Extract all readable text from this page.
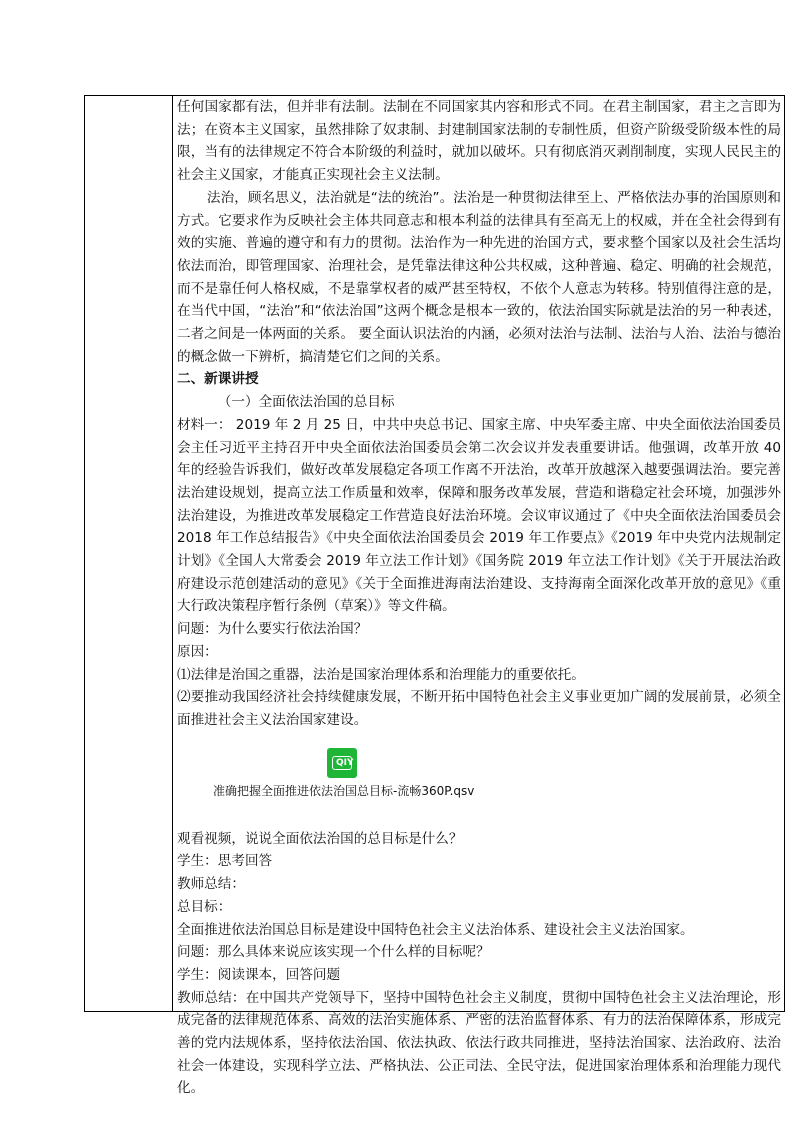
任何国家都有法，但并非有法制。法制在不同国家其内容和形式不同。在君主制国家，君主之言即为法；在资本主义国家，虽然排除了奴隶制、封建制国家法制的专制性质，但资产阶级受阶级本性的局限，当有的法律规定不符合本阶级的利益时，就加以破坏。只有彻底消灭剥削制度，实现人民民主的社会主义国家，才能真正实现社会主义法制。

法治，顾名思义，法治就是“法的统治”。法治是一种贯彻法律至上、严格依法办事的治国原则和方式。它要求作为反映社会主体共同意志和根本利益的法律具有至高无上的权威，并在全社会得到有效的实施、普遍的遵守和有力的贯彻。法治作为一种先进的治国方式，要求整个国家以及社会生活均依法而治，即管理国家、治理社会，是凭靠法律这种公共权威，这种普遍、稳定、明确的社会规范，而不是靠任何人格权威，不是靠掌权者的威严甚至特权，不依个人意志为转移。特别值得注意的是，在当代中国，“法治”和“依法治国”这两个概念是根本一致的，依法治国实际就是法治的另一种表述，二者之间是一体两面的关系。 要全面认识法治的内涵，必须对法治与法制、法治与人治、法治与德治的概念做一下辨析，搞清楚它们之间的关系。

二、新课讲授

（一）全面依法治国的总目标

材料一： 2019 年 2 月 25 日，中共中央总书记、国家主席、中央军委主席、中央全面依法治国委员会主任习近平主持召开中央全面依法治国委员会第二次会议并发表重要讲话。他强调，改革开放 40 年的经验告诉我们，做好改革发展稳定各项工作离不开法治，改革开放越深入越要强调法治。要完善法治建设规划，提高立法工作质量和效率，保障和服务改革发展，营造和谐稳定社会环境，加强涉外法治建设，为推进改革发展稳定工作营造良好法治环境。会议审议通过了《中央全面依法治国委员会 2018 年工作总结报告》《中央全面依法治国委员会 2019 年工作要点》《2019 年中央党内法规制定计划》《全国人大常委会 2019 年立法工作计划》《国务院 2019 年立法工作计划》《关于开展法治政府建设示范创建活动的意见》《关于全面推进海南法治建设、支持海南全面深化改革开放的意见》《重大行政决策程序暂行条例（草案）》等文件稿。

问题：为什么要实行依法治国？

原因：

⑴法律是治国之重器，法治是国家治理体系和治理能力的重要依托。

⑵要推动我国经济社会持续健康发展，不断开拓中国特色社会主义事业更加广阔的发展前景，必须全面推进社会主义法治国家建设。

QIY
准确把握全面推进依法治国总目标-流畅360P.qsv

观看视频，说说全面依法治国的总目标是什么？

学生：思考回答

教师总结：

总目标：

全面推进依法治国总目标是建设中国特色社会主义法治体系、建设社会主义法治国家。

问题：那么具体来说应该实现一个什么样的目标呢？

学生：阅读课本，回答问题

教师总结：在中国共产党领导下，坚持中国特色社会主义制度，贯彻中国特色社会主义法治理论，形成完备的法律规范体系、高效的法治实施体系、严密的法治监督体系、有力的法治保障体系，形成完善的党内法规体系，坚持依法治国、依法执政、依法行政共同推进，坚持法治国家、法治政府、法治社会一体建设，实现科学立法、严格执法、公正司法、全民守法，促进国家治理体系和治理能力现代化。
